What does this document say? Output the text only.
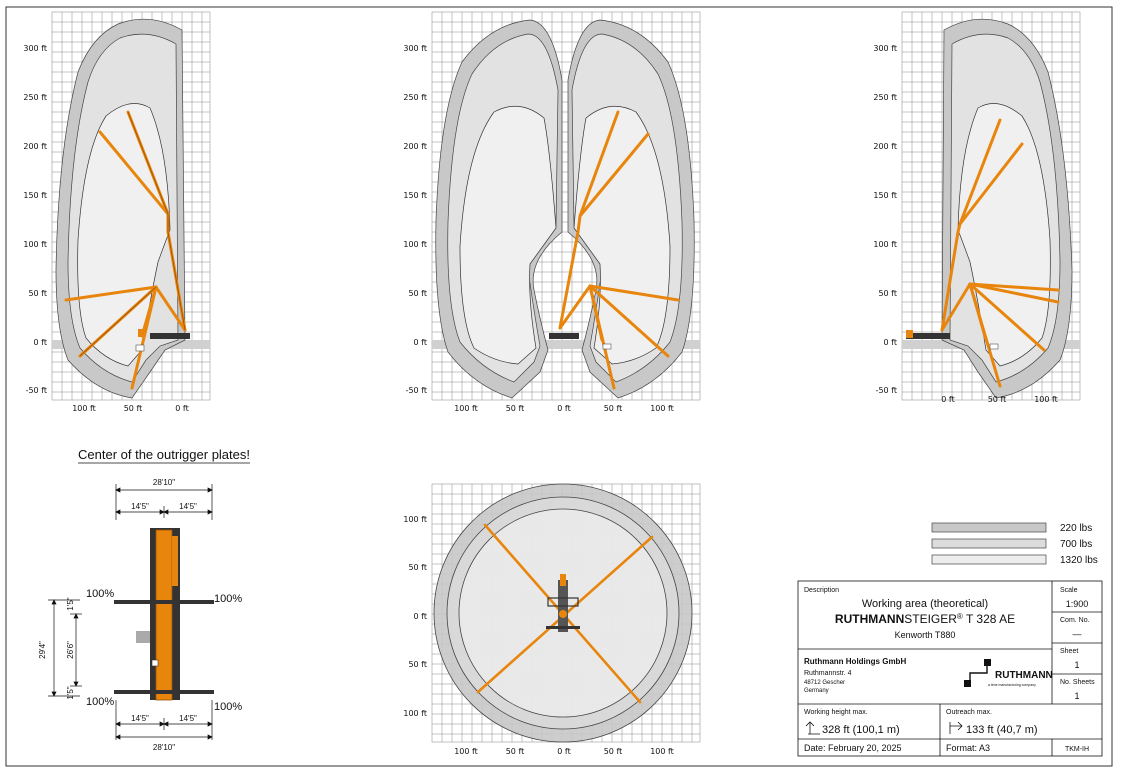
300 ft
250 ft
200 ft
150 ft
100 ft
50 ft
0 ft
-50 ft
100 ft	50 ft	0 ft
300 ft
250 ft
200 ft
150 ft
100 ft
50 ft
0 ft
-50 ft
100 ft	50 ft	0 ft	50 ft	100 ft
300 ft
250 ft
200 ft
150 ft
100 ft
50 ft
0 ft
-50 ft
0 ft	50 ft	100 ft
100 ft
50 ft
0 ft
50 ft
100 ft
100 ft	50 ft	0 ft	50 ft	100 ft
Center of the outrigger plates!
28'10"
14'5"	14'5"
100%	100%
100%	100%
29'4" 26'6"
1'5"
1'5"
14'5"	14'5"
28'10"
220 lbs
700 lbs
1320 lbs
Description
Working area (theoretical)
RUTHMANNSTEIGER® T 328 AE
Kenworth T880
Scale
1:900
Com. No.
—
Sheet
1
No. Sheets
1
Ruthmann Holdings GmbH
Ruthmannstr. 4
48712 Gescher
Germany
RUTHMANN
a time manufacturing company
Working height max.
328 ft (100,1 m)
Outreach max.
133 ft (40,7 m)
Date: February 20, 2025	Format: A3	TKM-IH
